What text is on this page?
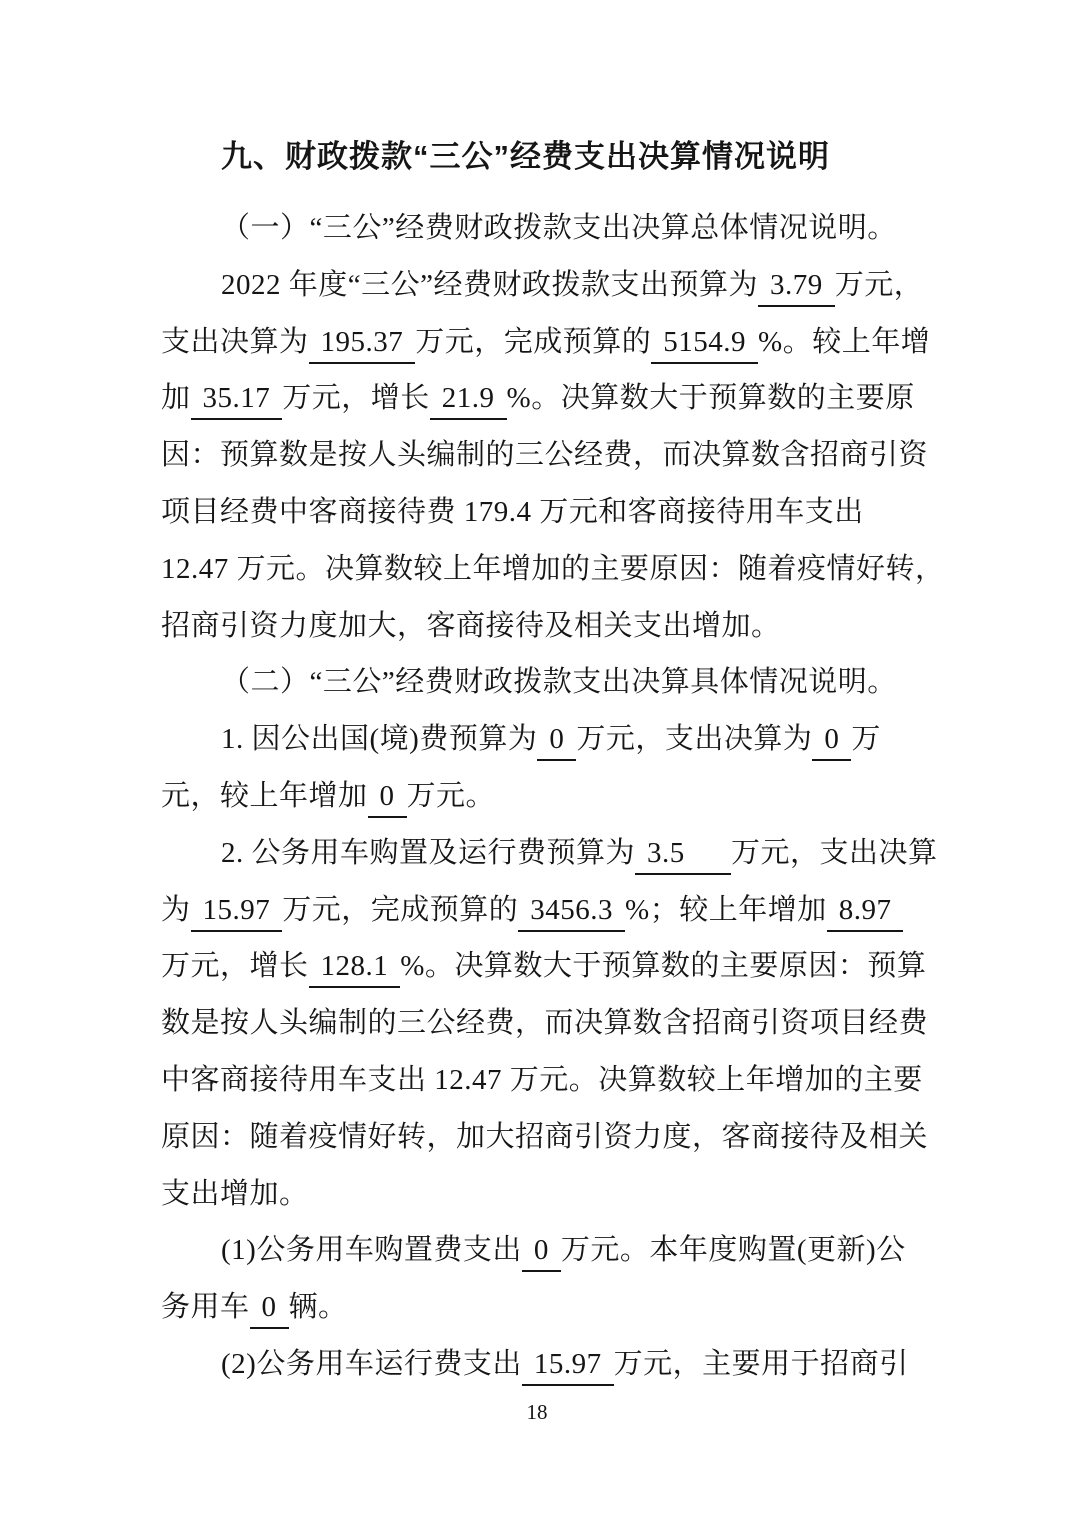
九、财政拨款“三公”经费支出决算情况说明
（一）“三公”经费财政拨款支出决算总体情况说明。
2022 年度“三公”经费财政拨款支出预算为 3.79 万元，
支出决算为 195.37 万元，完成预算的 5154.9 %。较上年增
加 35.17 万元，增长 21.9 %。决算数大于预算数的主要原
因：预算数是按人头编制的三公经费，而决算数含招商引资
项目经费中客商接待费 179.4 万元和客商接待用车支出
12.47 万元。决算数较上年增加的主要原因：随着疫情好转，
招商引资力度加大，客商接待及相关支出增加。
（二）“三公”经费财政拨款支出决算具体情况说明。
1. 因公出国(境)费预算为 0 万元，支出决算为 0 万
元，较上年增加 0 万元。
2. 公务用车购置及运行费预算为 3.5 万元，支出决算
为 15.97 万元，完成预算的 3456.3 %；较上年增加 8.97
万元，增长 128.1 %。决算数大于预算数的主要原因：预算
数是按人头编制的三公经费，而决算数含招商引资项目经费
中客商接待用车支出 12.47 万元。决算数较上年增加的主要
原因：随着疫情好转，加大招商引资力度，客商接待及相关
支出增加。
(1)公务用车购置费支出 0 万元。本年度购置(更新)公
务用车 0 辆。
(2)公务用车运行费支出 15.97 万元，主要用于招商引
18
